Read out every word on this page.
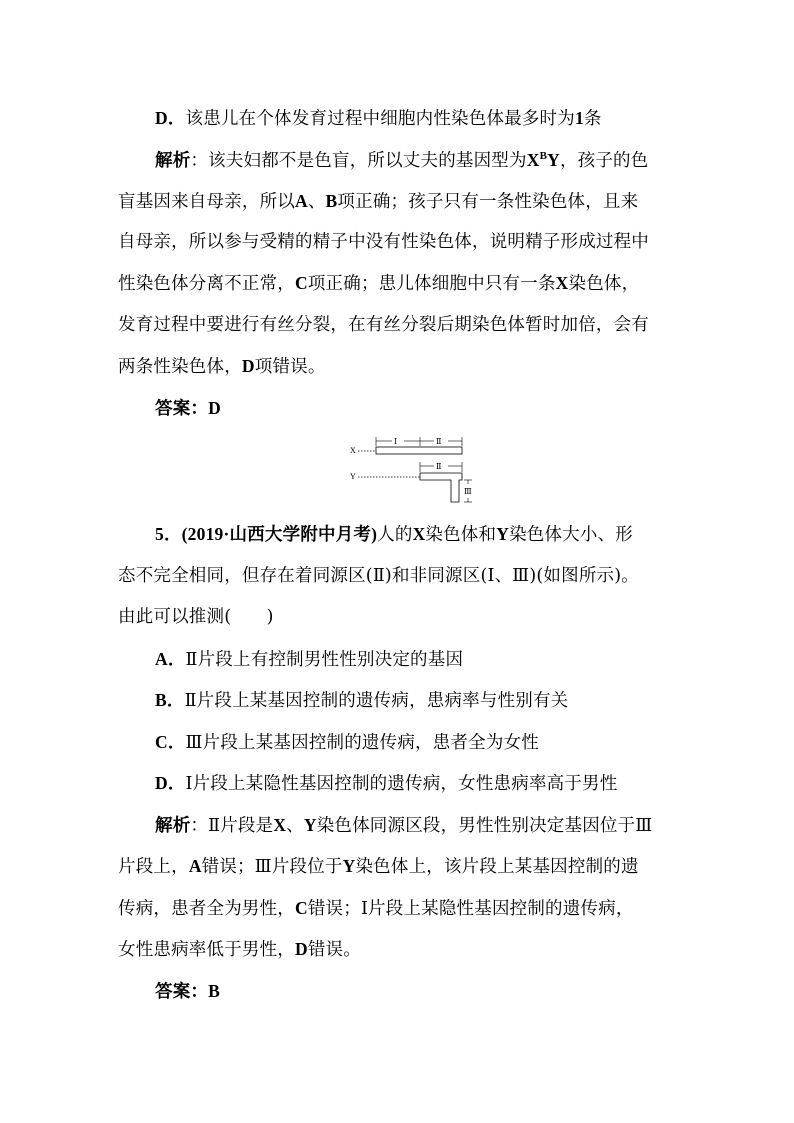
D．该患儿在个体发育过程中细胞内性染色体最多时为1条
解析：该夫妇都不是色盲，所以丈夫的基因型为$X^BY$，孩子的色
盲基因来自母亲，所以A、B项正确；孩子只有一条性染色体，且来
自母亲，所以参与受精的精子中没有性染色体，说明精子形成过程中
性染色体分离不正常，C项正确；患儿体细胞中只有一条X染色体，
发育过程中要进行有丝分裂，在有丝分裂后期染色体暂时加倍，会有
两条性染色体，D项错误。
答案：D
X
Ⅰ	Ⅱ
Y
Ⅱ
Ⅲ
5．(2019·山西大学附中月考)人的X染色体和Y染色体大小、形
态不完全相同，但存在着同源区(Ⅱ)和非同源区(Ⅰ、Ⅲ)(如图所示)。
由此可以推测(　　)
A．Ⅱ片段上有控制男性性别决定的基因
B．Ⅱ片段上某基因控制的遗传病，患病率与性别有关
C．Ⅲ片段上某基因控制的遗传病，患者全为女性
D．Ⅰ片段上某隐性基因控制的遗传病，女性患病率高于男性
解析：Ⅱ片段是X、Y染色体同源区段，男性性别决定基因位于Ⅲ
片段上，A错误；Ⅲ片段位于Y染色体上，该片段上某基因控制的遗
传病，患者全为男性，C错误；Ⅰ片段上某隐性基因控制的遗传病，
女性患病率低于男性，D错误。
答案：B
